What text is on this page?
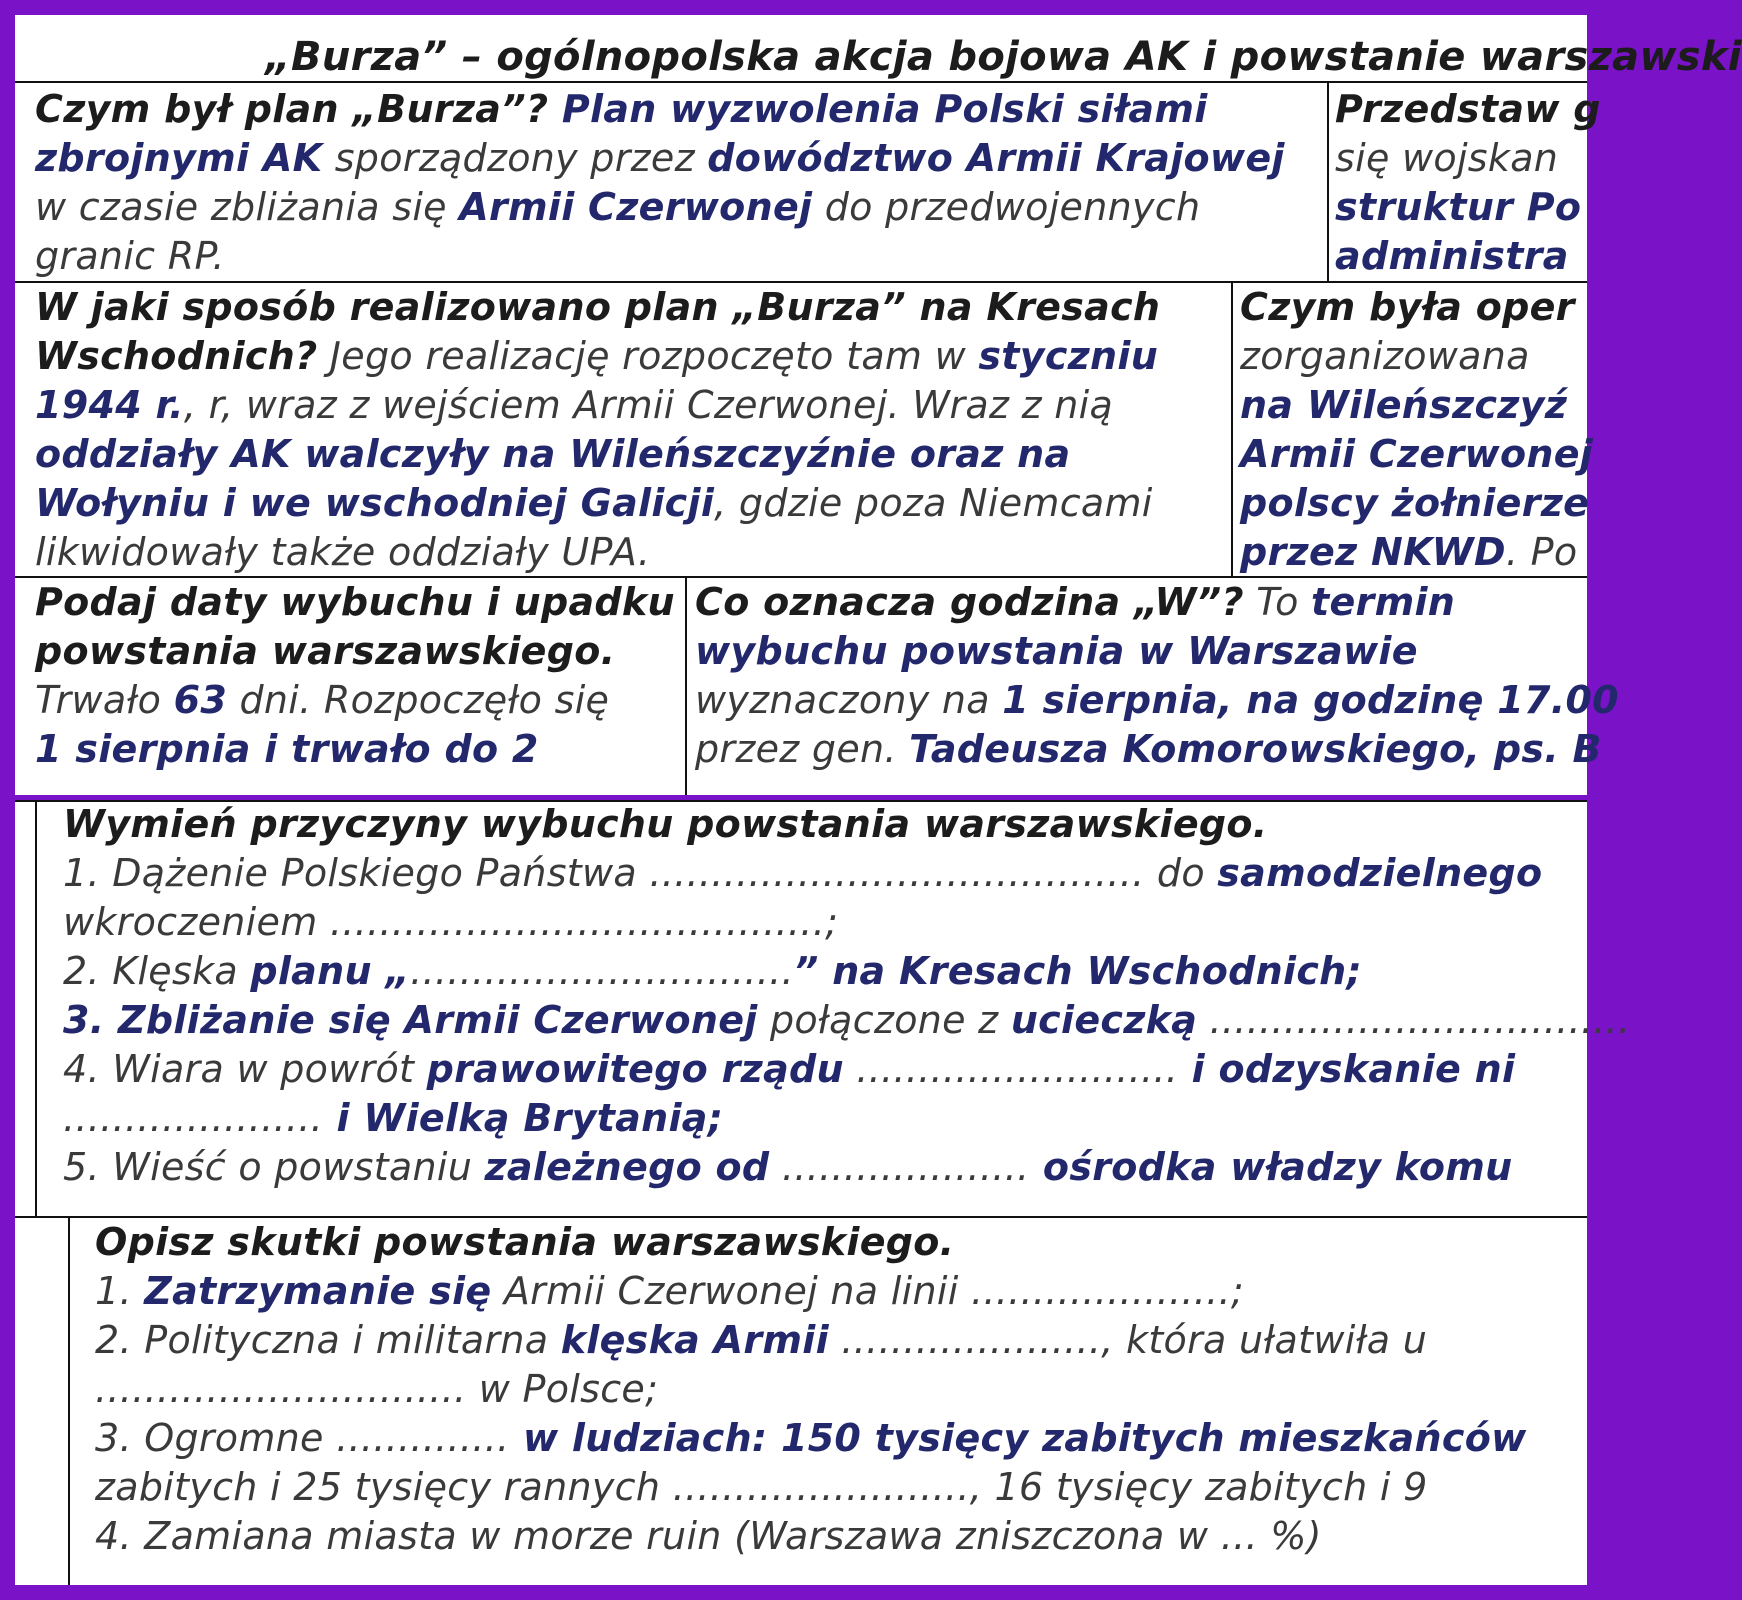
„Burza” – ogólnopolska akcja bojowa AK i powstanie warszawski
Czym był plan „Burza”? Plan wyzwolenia Polski siłami
zbrojnymi AK sporządzony przez dowództwo Armii Krajowej
w czasie zbliżania się Armii Czerwonej do przedwojennych
granic RP.
Przedstaw g
się wojskan
struktur Po
administra
W jaki sposób realizowano plan „Burza” na Kresach
Wschodnich? Jego realizację rozpoczęto tam w styczniu
1944 r., r, wraz z wejściem Armii Czerwonej. Wraz z nią
oddziały AK walczyły na Wileńszczyźnie oraz na
Wołyniu i we wschodniej Galicji, gdzie poza Niemcami
likwidowały także oddziały UPA.
Czym była oper
zorganizowana
na Wileńszczyź
Armii Czerwonej
polscy żołnierze
przez NKWD. Po
Podaj daty wybuchu i upadku
powstania warszawskiego.
Trwało 63 dni. Rozpoczęło się
1 sierpnia i trwało do 2
Co oznacza godzina „W”? To termin
wybuchu powstania w Warszawie
wyznaczony na 1 sierpnia, na godzinę 17.00
przez gen. Tadeusza Komorowskiego, ps. B
Wymień przyczyny wybuchu powstania warszawskiego.
1. Dążenie Polskiego Państwa ........................................ do samodzielnego
wkroczeniem ........................................;
2. Klęska planu „...............................” na Kresach Wschodnich;
3. Zbliżanie się Armii Czerwonej połączone z ucieczką ..................................
4. Wiara w powrót prawowitego rządu .......................... i odzyskanie ni
..................... i Wielką Brytanią;
5. Wieść o powstaniu zależnego od .................... ośrodka władzy komu
Opisz skutki powstania warszawskiego.
1. Zatrzymanie się Armii Czerwonej na linii .....................;
2. Polityczna i militarna klęska Armii ....................., która ułatwiła u
.............................. w Polsce;
3. Ogromne .............. w ludziach: 150 tysięcy zabitych mieszkańców
zabitych i 25 tysięcy rannych ........................, 16 tysięcy zabitych i 9
4. Zamiana miasta w morze ruin (Warszawa zniszczona w ... %)
